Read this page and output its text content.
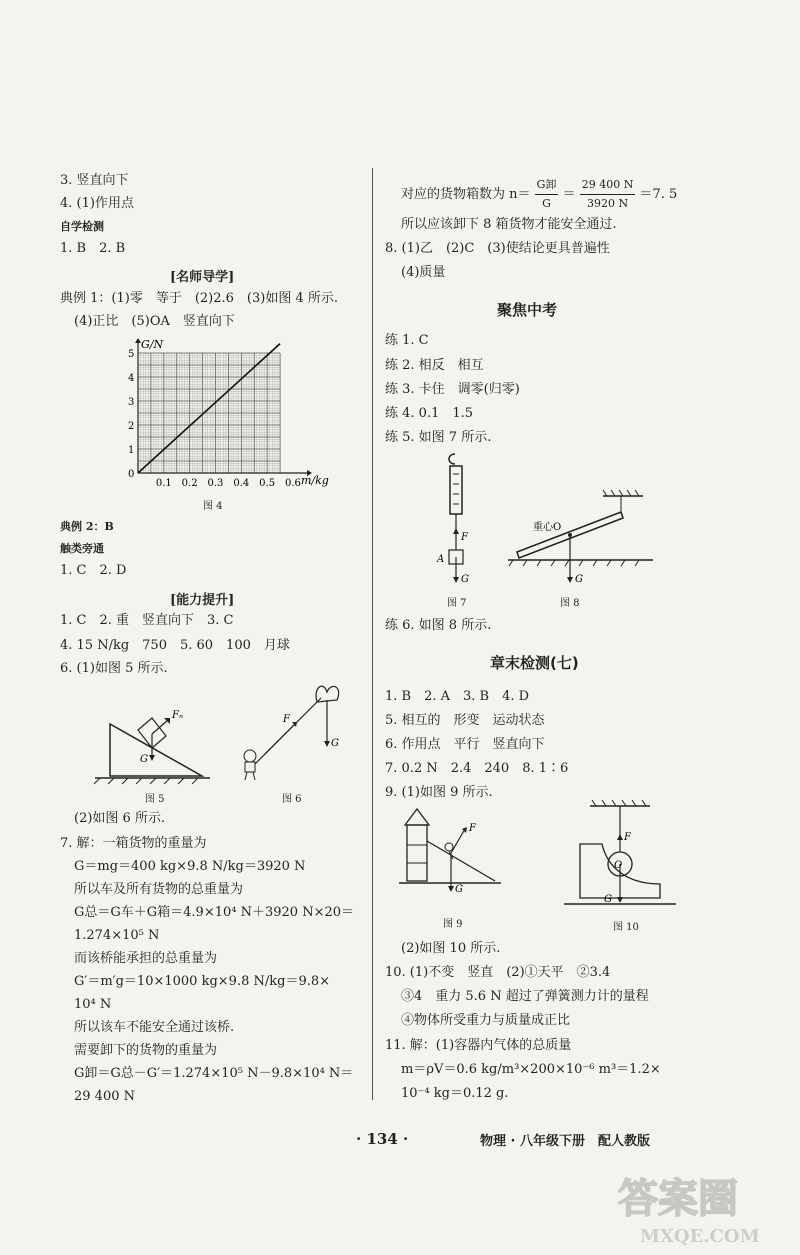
3. 竖直向下
4. (1)作用点
自学检测
1. B　2. B
[名师导学]
典例 1：(1)零　等于　(2)2.6　(3)如图 4 所示.
(4)正比　(5)OA　竖直向下
0.1 0.2 0.3 0.4 0.5 0.6
0
1
2
3
4
5
G/N
m/kg
图 4
典例 2：B
触类旁通
1. C　2. D
[能力提升]
1. C　2. 重　竖直向下　3. C
4. 15 N/kg　750　5. 60　100　月球
6. (1)如图 5 所示.
Fₙ
G
图 5
F
G
图 6
(2)如图 6 所示.
7. 解：一箱货物的重量为
G＝mg＝400 kg×9.8 N/kg＝3920 N
所以车及所有货物的总重量为
G总＝G车＋G箱＝4.9×10⁴ N＋3920 N×20＝
1.274×10⁵ N
而该桥能承担的总重量为
G′＝m′g＝10×1000 kg×9.8 N/kg＝9.8×
10⁴ N
所以该车不能安全通过该桥.
需要卸下的货物的重量为
G卸＝G总－G′＝1.274×10⁵ N－9.8×10⁴ N＝
29 400 N
对应的货物箱数为 $n= \frac{\text{G卸}}{G} = \frac{29 400 N}{3920 N} =7$. 5
所以应该卸下 8 箱货物才能安全通过.
8. (1)乙　(2)C　(3)使结论更具普遍性
(4)质量
聚焦中考
练 1. C
练 2. 相反　相互
练 3. 卡住　调零(归零)
练 4. 0.1　1.5
练 5. 如图 7 所示.
F
A
G
图 7
重心O
G
图 8
练 6. 如图 8 所示.
章末检测(七)
1. B　2. A　3. B　4. D
5. 相互的　形变　运动状态
6. 作用点　平行　竖直向下
7. 0.2 N　2.4　240　8. 1∶6
9. (1)如图 9 所示.
F
G
图 9
F
O
G
图 10
(2)如图 10 所示.
10. (1)不变　竖直　(2)①天平　②3.4
③4　重力 5.6 N 超过了弹簧测力计的量程
④物体所受重力与质量成正比
11. 解：(1)容器内气体的总质量
m＝ρV＝0.6 kg/m³×200×10⁻⁶ m³＝1.2×
10⁻⁴ kg＝0.12 g.
· 134 ·	物理 · 八年级下册　配人教版
答案圈
MXQE.COM
